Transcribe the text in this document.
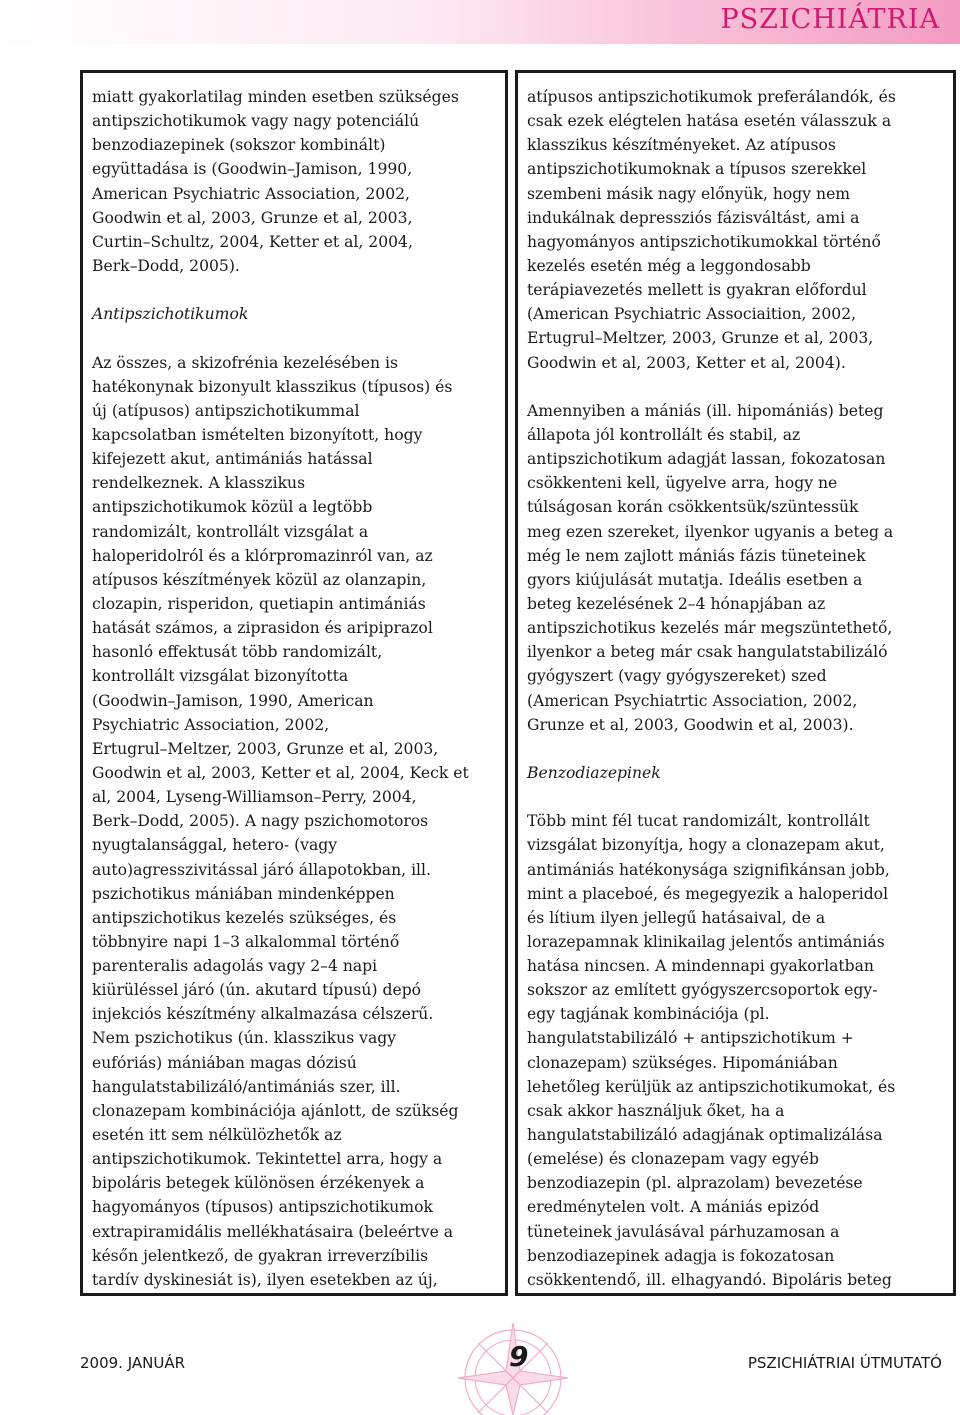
PSZICHIÁTRIA
miatt gyakorlatilag minden esetben szükséges
antipszichotikumok vagy nagy potenciálú
benzodiazepinek (sokszor kombinált)
együttadása is (Goodwin–Jamison, 1990,
American Psychiatric Association, 2002,
Goodwin et al, 2003, Grunze et al, 2003,
Curtin–Schultz, 2004, Ketter et al, 2004,
Berk–Dodd, 2005).
Antipszichotikumok
Az összes, a skizofrénia kezelésében is
hatékonynak bizonyult klasszikus (típusos) és
új (atípusos) antipszichotikummal
kapcsolatban ismételten bizonyított, hogy
kifejezett akut, antimániás hatással
rendelkeznek. A klasszikus
antipszichotikumok közül a legtöbb
randomizált, kontrollált vizsgálat a
haloperidolról és a klórpromazinról van, az
atípusos készítmények közül az olanzapin,
clozapin, risperidon, quetiapin antimániás
hatását számos, a ziprasidon és aripiprazol
hasonló effektusát több randomizált,
kontrollált vizsgálat bizonyította
(Goodwin–Jamison, 1990, American
Psychiatric Association, 2002,
Ertugrul–Meltzer, 2003, Grunze et al, 2003,
Goodwin et al, 2003, Ketter et al, 2004, Keck et
al, 2004, Lyseng-Williamson–Perry, 2004,
Berk–Dodd, 2005). A nagy pszichomotoros
nyugtalansággal, hetero- (vagy
auto)agresszivitással járó állapotokban, ill.
pszichotikus mániában mindenképpen
antipszichotikus kezelés szükséges, és
többnyire napi 1–3 alkalommal történő
parenteralis adagolás vagy 2–4 napi
kiürüléssel járó (ún. akutard típusú) depó
injekciós készítmény alkalmazása célszerű.
Nem pszichotikus (ún. klasszikus vagy
eufóriás) mániában magas dózisú
hangulatstabilizáló/antimániás szer, ill.
clonazepam kombinációja ajánlott, de szükség
esetén itt sem nélkülözhetők az
antipszichotikumok. Tekintettel arra, hogy a
bipoláris betegek különösen érzékenyek a
hagyományos (típusos) antipszichotikumok
extrapiramidális mellékhatásaira (beleértve a
későn jelentkező, de gyakran irreverzíbilis
tardív dyskinesiát is), ilyen esetekben az új,
atípusos antipszichotikumok preferálandók, és
csak ezek elégtelen hatása esetén válasszuk a
klasszikus készítményeket. Az atípusos
antipszichotikumoknak a típusos szerekkel
szembeni másik nagy előnyük, hogy nem
indukálnak depressziós fázisváltást, ami a
hagyományos antipszichotikumokkal történő
kezelés esetén még a leggondosabb
terápiavezetés mellett is gyakran előfordul
(American Psychiatric Associaition, 2002,
Ertugrul–Meltzer, 2003, Grunze et al, 2003,
Goodwin et al, 2003, Ketter et al, 2004).
Amennyiben a mániás (ill. hipomániás) beteg
állapota jól kontrollált és stabil, az
antipszichotikum adagját lassan, fokozatosan
csökkenteni kell, ügyelve arra, hogy ne
túlságosan korán csökkentsük/szüntessük
meg ezen szereket, ilyenkor ugyanis a beteg a
még le nem zajlott mániás fázis tüneteinek
gyors kiújulását mutatja. Ideális esetben a
beteg kezelésének 2–4 hónapjában az
antipszichotikus kezelés már megszüntethető,
ilyenkor a beteg már csak hangulatstabilizáló
gyógyszert (vagy gyógyszereket) szed
(American Psychiatrtic Association, 2002,
Grunze et al, 2003, Goodwin et al, 2003).
Benzodiazepinek
Több mint fél tucat randomizált, kontrollált
vizsgálat bizonyítja, hogy a clonazepam akut,
antimániás hatékonysága szignifikánsan jobb,
mint a placeboé, és megegyezik a haloperidol
és lítium ilyen jellegű hatásaival, de a
lorazepamnak klinikailag jelentős antimániás
hatása nincsen. A mindennapi gyakorlatban
sokszor az említett gyógyszercsoportok egy-
egy tagjának kombinációja (pl.
hangulatstabilizáló + antipszichotikum +
clonazepam) szükséges. Hipomániában
lehetőleg kerüljük az antipszichotikumokat, és
csak akkor használjuk őket, ha a
hangulatstabilizáló adagjának optimalizálása
(emelése) és clonazepam vagy egyéb
benzodiazepin (pl. alprazolam) bevezetése
eredménytelen volt. A mániás epizód
tüneteinek javulásával párhuzamosan a
benzodiazepinek adagja is fokozatosan
csökkentendő, ill. elhagyandó. Bipoláris beteg
2009. JANUÁR	9	PSZICHIÁTRIAI ÚTMUTATÓ
